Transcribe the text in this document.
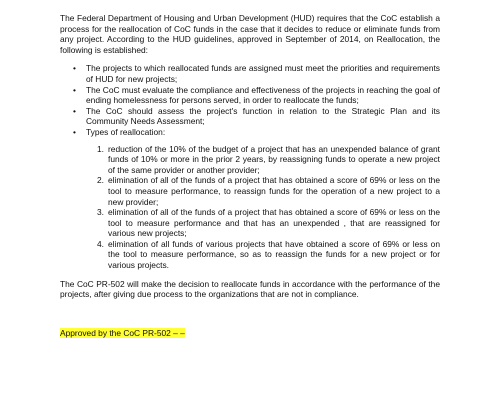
The Federal Department of Housing and Urban Development (HUD) requires that the CoC establish a process for the reallocation of CoC funds in the case that it decides to reduce or eliminate funds from any project. According to the HUD guidelines, approved in September of 2014, on Reallocation, the following is established:

• The projects to which reallocated funds are assigned must meet the priorities and requirements of HUD for new projects;
• The CoC must evaluate the compliance and effectiveness of the projects in reaching the goal of ending homelessness for persons served, in order to reallocate the funds;
• The CoC should assess the project's function in relation to the Strategic Plan and its Community Needs Assessment;
• Types of reallocation:
1. reduction of the 10% of the budget of a project that has an unexpended balance of grant funds of 10% or more in the prior 2 years, by reassigning funds to operate a new project of the same provider or another provider;
2. elimination of all of the funds of a project that has obtained a score of 69% or less on the tool to measure performance, to reassign funds for the operation of a new project to a new provider;
3. elimination of all of the funds of a project that has obtained a score of 69% or less on the tool to measure performance and that has an unexpended , that are reassigned for various new projects;
4. elimination of all funds of various projects that have obtained a score of 69% or less on the tool to measure performance, so as to reassign the funds for a new project or for various projects.

The CoC PR-502 will make the decision to reallocate funds in accordance with the performance of the projects, after giving due process to the organizations that are not in compliance.

Approved by the CoC PR-502 – –
